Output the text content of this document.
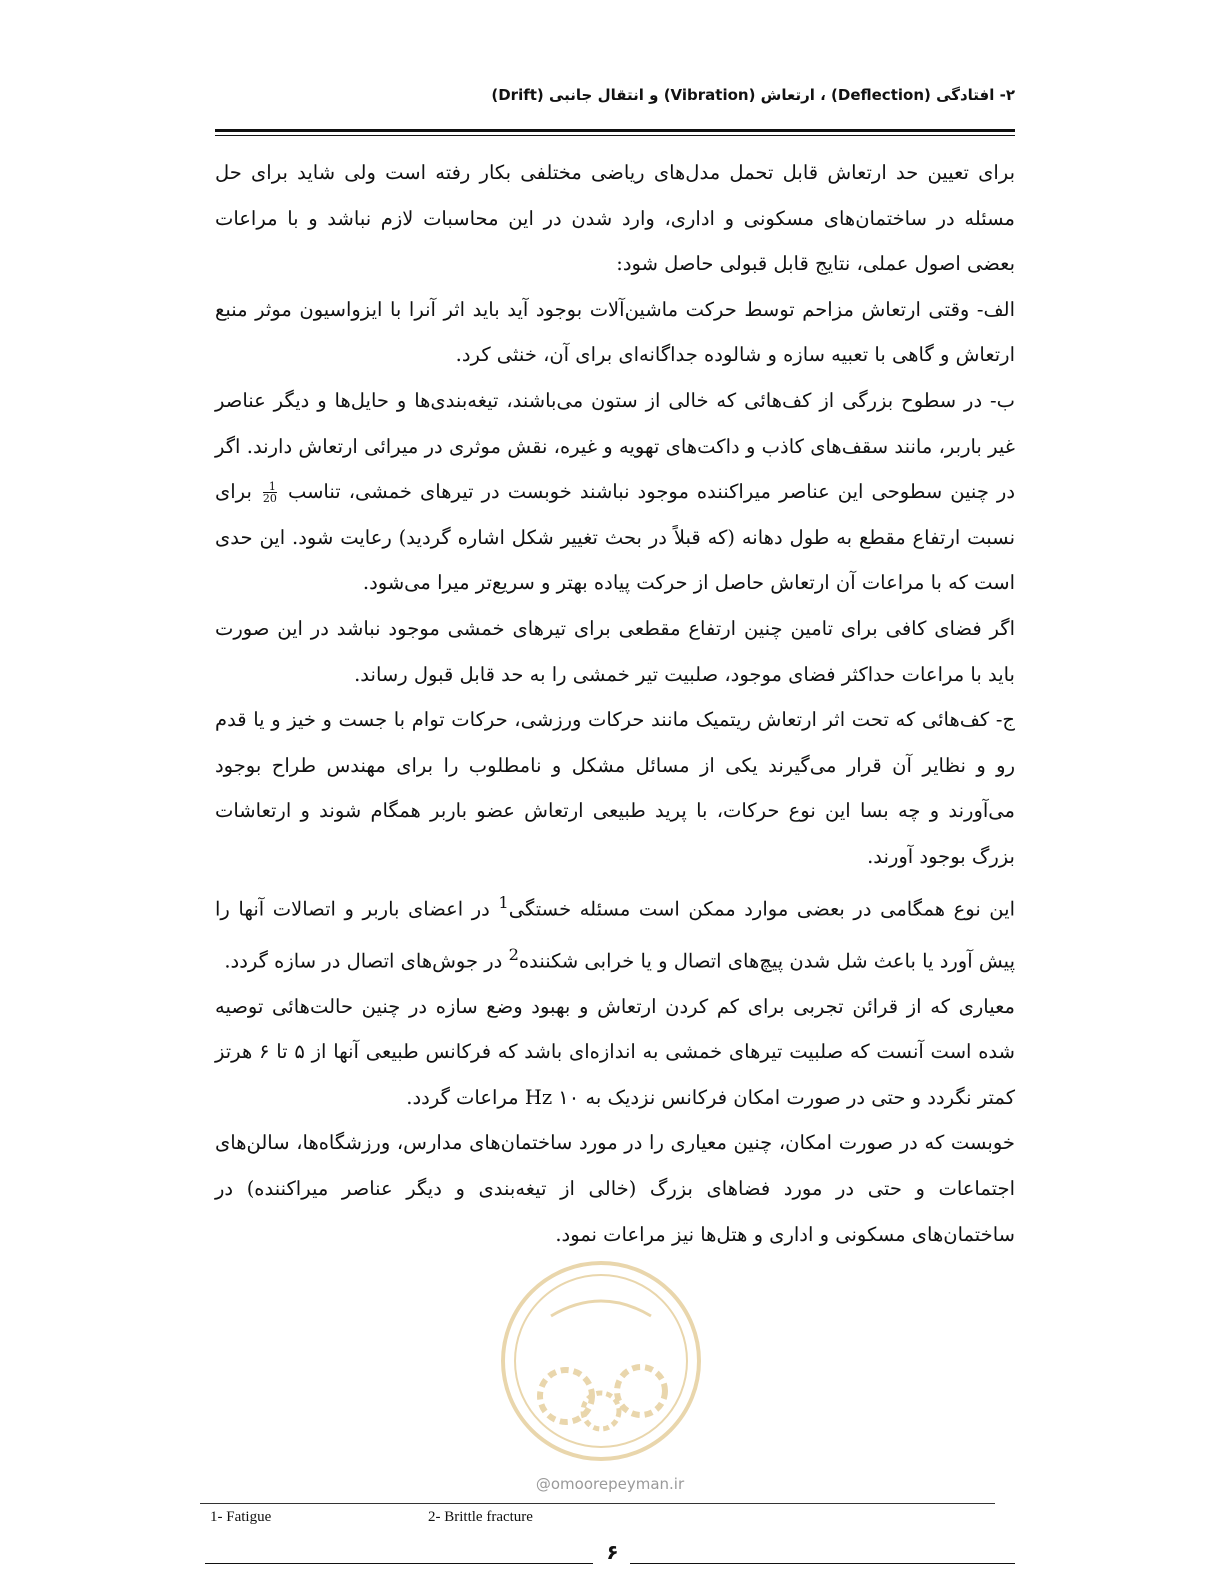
۲- افتادگی (Deflection) ، ارتعاش (Vibration) و انتقال جانبی (Drift)

برای تعیین حد ارتعاش قابل تحمل مدل‌های ریاضی مختلفی بکار رفته است ولی شاید برای حل مسئله در ساختمان‌های مسکونی و اداری، وارد شدن در این محاسبات لازم نباشد و با مراعات بعضی اصول عملی، نتایج قابل قبولی حاصل شود:

الف- وقتی ارتعاش مزاحم توسط حرکت ماشین‌آلات بوجود آید باید اثر آنرا با ایزواسیون موثر منبع ارتعاش و گاهی با تعبیه سازه و شالوده جداگانه‌ای برای آن، خنثی کرد.

ب- در سطوح بزرگی از کف‌هائی که خالی از ستون می‌باشند، تیغه‌بندی‌ها و حایل‌ها و دیگر عناصر غیر باربر، مانند سقف‌های کاذب و داکت‌های تهویه و غیره، نقش موثری در میرائی ارتعاش دارند. اگر در چنین سطوحی این عناصر میراکننده موجود نباشند خوبست در تیرهای خمشی، تناسب
$\frac{1}{20}$
برای نسبت ارتفاع مقطع به طول دهانه (که قبلاً در بحث تغییر شکل اشاره گردید) رعایت شود. این حدی است که با مراعات آن ارتعاش حاصل از حرکت پیاده بهتر و سریع‌تر میرا می‌شود.

اگر فضای کافی برای تامین چنین ارتفاع مقطعی برای تیرهای خمشی موجود نباشد در این صورت باید با مراعات حداکثر فضای موجود، صلبیت تیر خمشی را به حد قابل قبول رساند.

ج- کف‌هائی که تحت اثر ارتعاش ریتمیک مانند حرکات ورزشی، حرکات توام با جست و خیز و یا قدم رو و نظایر آن قرار می‌گیرند یکی از مسائل مشکل و نامطلوب را برای مهندس طراح بوجود می‌آورند و چه بسا این نوع حرکات، با پرید طبیعی ارتعاش عضو باربر همگام شوند و ارتعاشات بزرگ بوجود آورند.

این نوع همگامی در بعضی موارد ممکن است مسئله خستگی$^1$ در اعضای باربر و اتصالات آنها را پیش آورد یا باعث شل شدن پیچ‌های اتصال و یا خرابی شکننده$^2$ در جوش‌های اتصال در سازه گردد.

معیاری که از قرائن تجربی برای کم کردن ارتعاش و بهبود وضع سازه در چنین حالت‌هائی توصیه شده است آنست که صلبیت تیرهای خمشی به اندازه‌ای باشد که فرکانس طبیعی آنها از ۵ تا ۶ هرتز کمتر نگردد و حتی در صورت امکان فرکانس نزدیک به ۱۰ Hz مراعات گردد.

خوبست که در صورت امکان، چنین معیاری را در مورد ساختمان‌های مدارس، ورزشگاه‌ها، سالن‌های اجتماعات و حتی در مورد فضاهای بزرگ (خالی از تیغه‌بندی و دیگر عناصر میراکننده) در ساختمان‌های مسکونی و اداری و هتل‌ها نیز مراعات نمود.

@omoorepeyman.ir
1- Fatigue	2- Brittle fracture
۶
